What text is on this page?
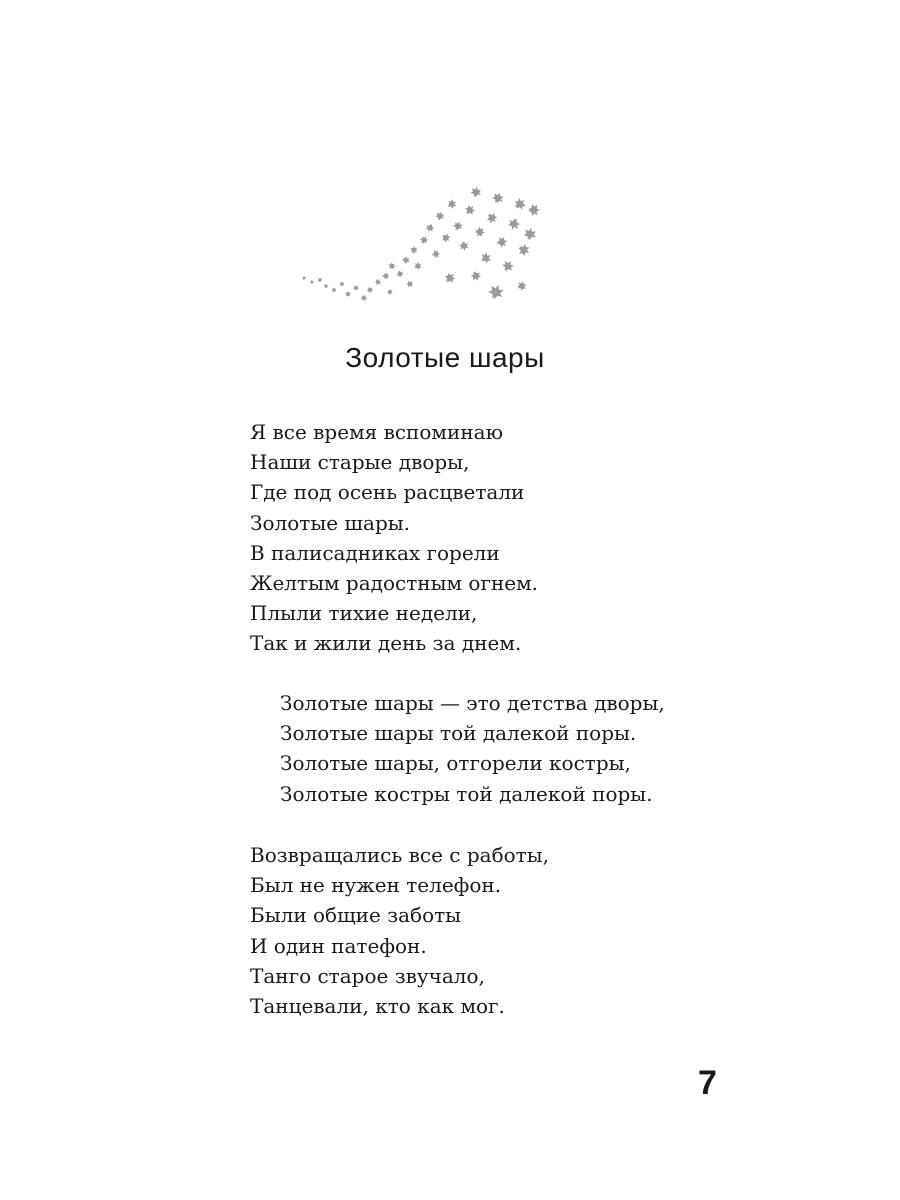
Золотые шары
Я все время вспоминаю
Наши старые дворы,
Где под осень расцветали
Золотые шары.
В палисадниках горели
Желтым радостным огнем.
Плыли тихие недели,
Так и жили день за днем.
Золотые шары — это детства дворы,
Золотые шары той далекой поры.
Золотые шары, отгорели костры,
Золотые костры той далекой поры.
Возвращались все с работы,
Был не нужен телефон.
Были общие заботы
И один патефон.
Танго старое звучало,
Танцевали, кто как мог.
7
